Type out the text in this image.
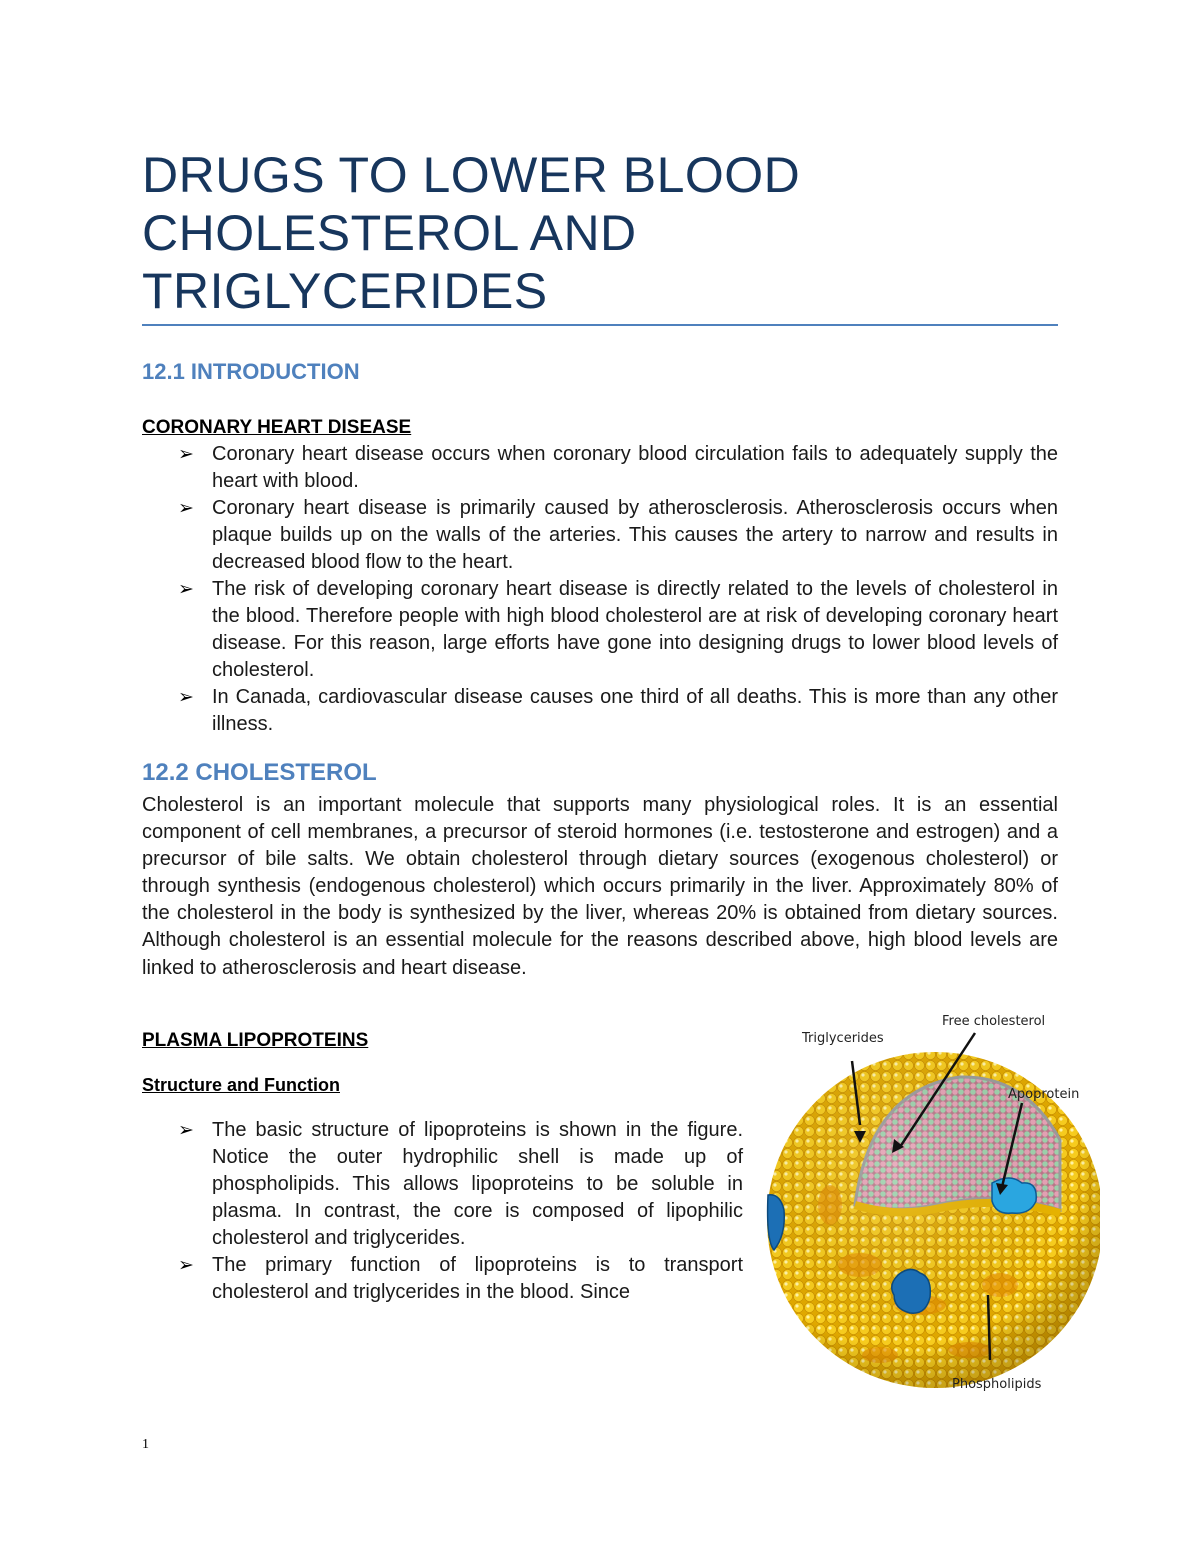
DRUGS TO LOWER BLOOD
CHOLESTEROL AND
TRIGLYCERIDES
12.1 INTRODUCTION
CORONARY HEART DISEASE
➢ Coronary heart disease occurs when coronary blood circulation fails to adequately supply the heart with blood.
➢ Coronary heart disease is primarily caused by atherosclerosis. Atherosclerosis occurs when plaque builds up on the walls of the arteries. This causes the artery to narrow and results in decreased blood flow to the heart.
➢ The risk of developing coronary heart disease is directly related to the levels of cholesterol in the blood. Therefore people with high blood cholesterol are at risk of developing coronary heart disease. For this reason, large efforts have gone into designing drugs to lower blood levels of cholesterol.
➢ In Canada, cardiovascular disease causes one third of all deaths. This is more than any other illness.
12.2 CHOLESTEROL

Cholesterol is an important molecule that supports many physiological roles. It is an essential component of cell membranes, a precursor of steroid hormones (i.e. testosterone and estrogen) and a precursor of bile salts. We obtain cholesterol through dietary sources (exogenous cholesterol) or through synthesis (endogenous cholesterol) which occurs primarily in the liver. Approximately 80% of the cholesterol in the body is synthesized by the liver, whereas 20% is obtained from dietary sources. Although cholesterol is an essential molecule for the reasons described above, high blood levels are linked to atherosclerosis and heart disease.

PLASMA LIPOPROTEINS
Structure and Function
➢ The basic structure of lipoproteins is shown in the figure. Notice the outer hydrophilic shell is made up of phospholipids. This allows lipoproteins to be soluble in plasma. In contrast, the core is composed of lipophilic cholesterol and triglycerides.
➢ The primary function of lipoproteins is to transport cholesterol and triglycerides in the blood. Since
Triglycerides
Free cholesterol
Apoprotein
Phospholipids
1
